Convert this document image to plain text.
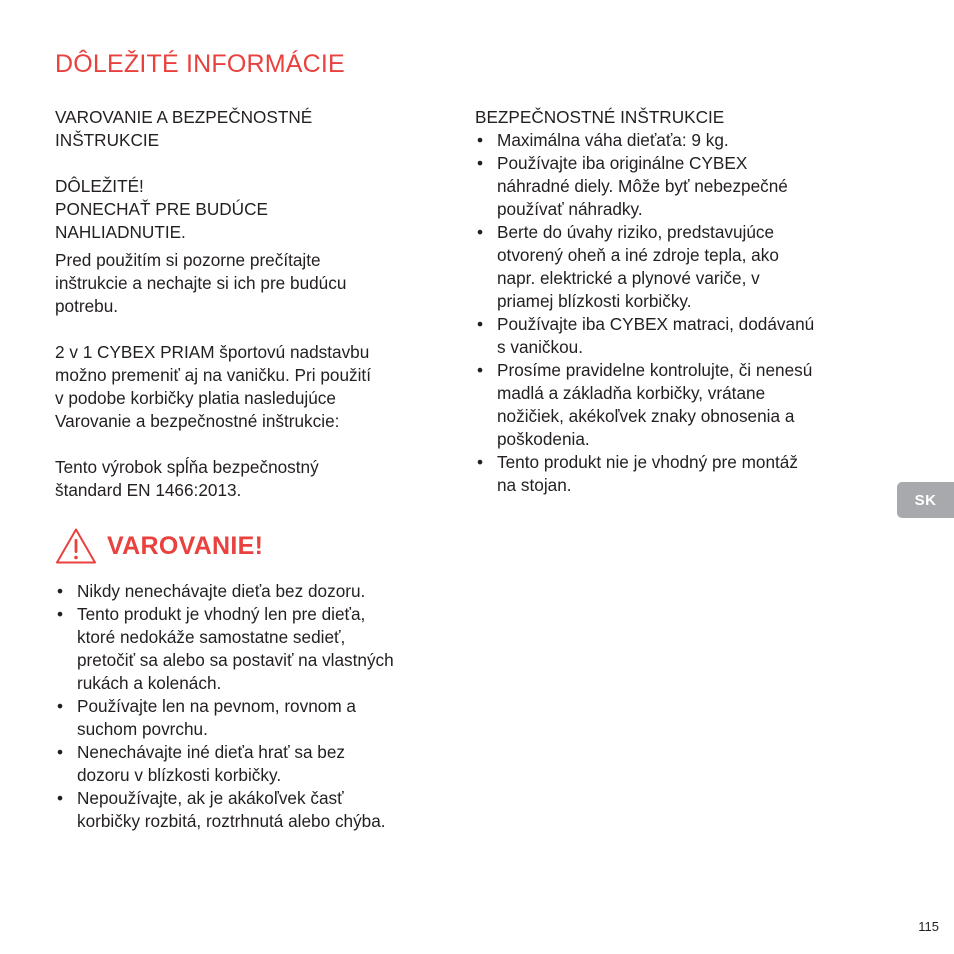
DÔLEŽITÉ INFORMÁCIE

VAROVANIE A BEZPEČNOSTNÉ
INŠTRUKCIE

DÔLEŽITÉ!
PONECHAŤ PRE BUDÚCE
NAHLIADNUTIE.

Pred použitím si pozorne prečítajte
inštrukcie a nechajte si ich pre budúcu
potrebu.

2 v 1 CYBEX PRIAM športovú nadstavbu
možno premeniť aj na vaničku. Pri použití
v podobe korbičky platia nasledujúce
Varovanie a bezpečnostné inštrukcie:

Tento výrobok spĺňa bezpečnostný
štandard EN 1466:2013.

VAROVANIE!
• Nikdy nenechávajte dieťa bez dozoru.
• Tento produkt je vhodný len pre dieťa,
ktoré nedokáže samostatne sedieť,
pretočiť sa alebo sa postaviť na vlastných
rukách a kolenách.
• Používajte len na pevnom, rovnom a
suchom povrchu.
• Nenechávajte iné dieťa hrať sa bez
dozoru v blízkosti korbičky.
• Nepoužívajte, ak je akákoľvek časť
korbičky rozbitá, roztrhnutá alebo chýba.

BEZPEČNOSTNÉ INŠTRUKCIE

• Maximálna váha dieťaťa: 9 kg.
• Používajte iba originálne CYBEX
náhradné diely. Môže byť nebezpečné
používať náhradky.
• Berte do úvahy riziko, predstavujúce
otvorený oheň a iné zdroje tepla, ako
napr. elektrické a plynové variče, v
priamej blízkosti korbičky.
• Používajte iba CYBEX matraci, dodávanú
s vaničkou.
• Prosíme pravidelne kontrolujte, či nenesú
madlá a základňa korbičky, vrátane
nožičiek, akékoľvek znaky obnosenia a
poškodenia.
• Tento produkt nie je vhodný pre montáž
na stojan.
SK
115
